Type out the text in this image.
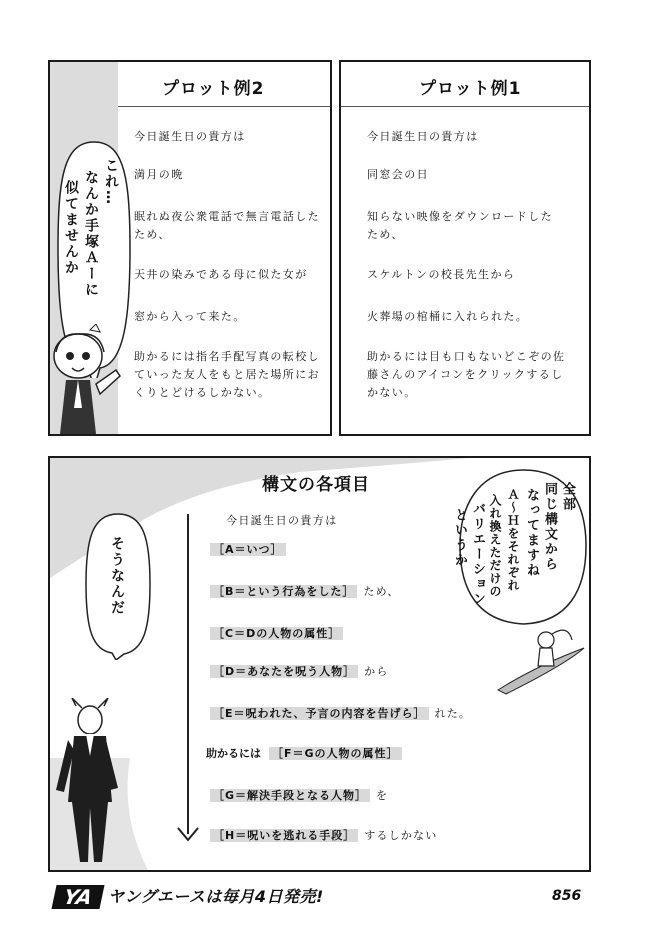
プロット例1
今日誕生日の貴方は
同窓会の日
知らない映像をダウンロードした
ため、
スケルトンの校長先生から
火葬場の棺桶に入れられた。
助かるには目も口もないどこぞの佐
藤さんのアイコンをクリックするし
かない。
これ…
なんか手塚Ａーに
似てませんか
プロット例2
今日誕生日の貴方は
満月の晩
眠れぬ夜公衆電話で無言電話した
ため、
天井の染みである母に似た女が
窓から入って来た。
助かるには指名手配写真の転校し
ていった友人をもと居た場所にお
くりとどけるしかない。
構文の各項目
今日誕生日の貴方は
［A＝いつ］
［B＝という行為をした］ ため、
［C＝Dの人物の属性］
［D＝あなたを呪う人物］ から
［E＝呪われた、予言の内容を告げら］ れた。
助かるには ［F＝Gの人物の属性］
［G＝解決手段となる人物］ を
［H＝呪いを逃れる手段］ するしかない
そうなんだ
全部
同じ構文から
なってますね
Ａ～Ｈをそれぞれ
入れ換えただけの
バリエーション
というか
YA ヤングエースは毎月4日発売!	856
